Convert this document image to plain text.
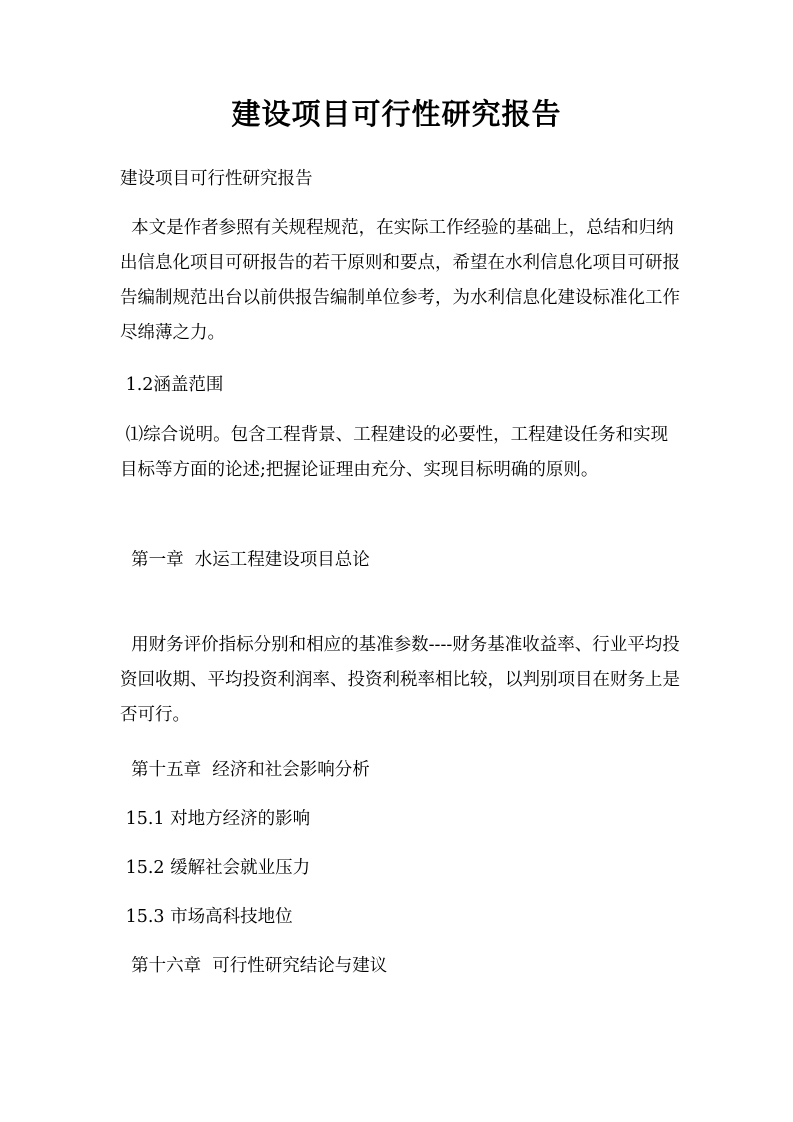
建设项目可行性研究报告

建设项目可行性研究报告

本文是作者参照有关规程规范，在实际工作经验的基础上，总结和归纳出信息化项目可研报告的若干原则和要点，希望在水利信息化项目可研报告编制规范出台以前供报告编制单位参考，为水利信息化建设标准化工作尽绵薄之力。

1.2涵盖范围

⑴综合说明。包含工程背景、工程建设的必要性，工程建设任务和实现目标等方面的论述;把握论证理由充分、实现目标明确的原则。

第一章  水运工程建设项目总论

用财务评价指标分别和相应的基准参数----财务基准收益率、行业平均投资回收期、平均投资利润率、投资利税率相比较，以判别项目在财务上是否可行。

第十五章  经济和社会影响分析

15.1 对地方经济的影响

15.2 缓解社会就业压力

15.3 市场高科技地位

第十六章  可行性研究结论与建议
